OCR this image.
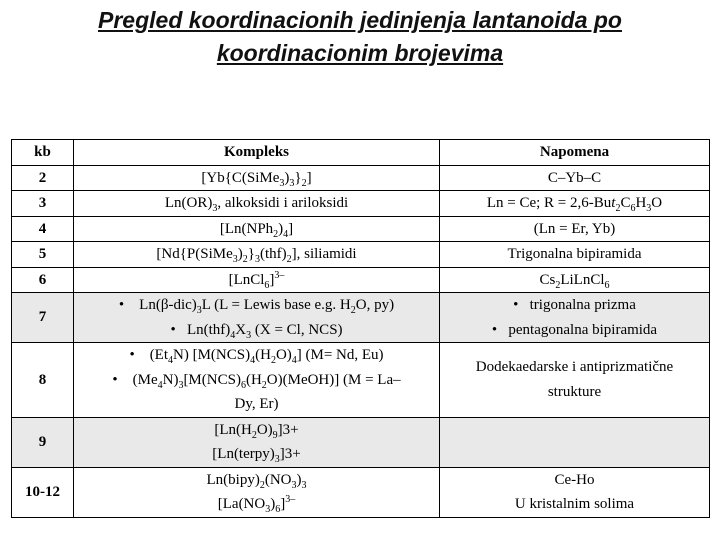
Pregled koordinacionih jedinjenja lantanoida po
koordinacionim brojevima
kb	Kompleks	Napomena
2	$[Yb\{C(SiMe_3)_3\}_2]$	C–Yb–C
3	$Ln(OR)_3$, alkoksidi i ariloksidi	Ln = Ce; $R = 2,6-But_2C_6H_3O$
4	$[Ln(NPh_2)_4]$	(Ln = Er, Yb)
5	$[Nd\{P(SiMe_3)_2\}_3(thf)_2]$, siliamidi	Trigonalna bipiramida
6	[LnCl$_6$]$^{3-}$	$Cs_2LiLnCl_6$
7	•    $Ln(\beta-dic)_3L$ (L = Lewis base e.g. $H_2O$, py)
•   $Ln(thf)_4X_3$ (X = Cl, NCS)	•   trigonalna prizma
•   pentagonalna bipiramida

8	•    $(Et_4N)$ $[M(NCS)_4(H_2O)_4]$ (M= Nd, Eu)
•    $(Me_4N)_3[M(NCS)_6(H_2O)(MeOH)] (M = La-$
Dy, Er)	Dodekaedarske i antiprizmatične
strukture

9	$[Ln(H_2O)_9]3+$
$[Ln(terpy)_3]3+$	

10-12	$Ln(bipy)_2(NO_3)_3$
$[La(NO_3)_6]^{3-}$	Ce-Ho
U kristalnim solima
